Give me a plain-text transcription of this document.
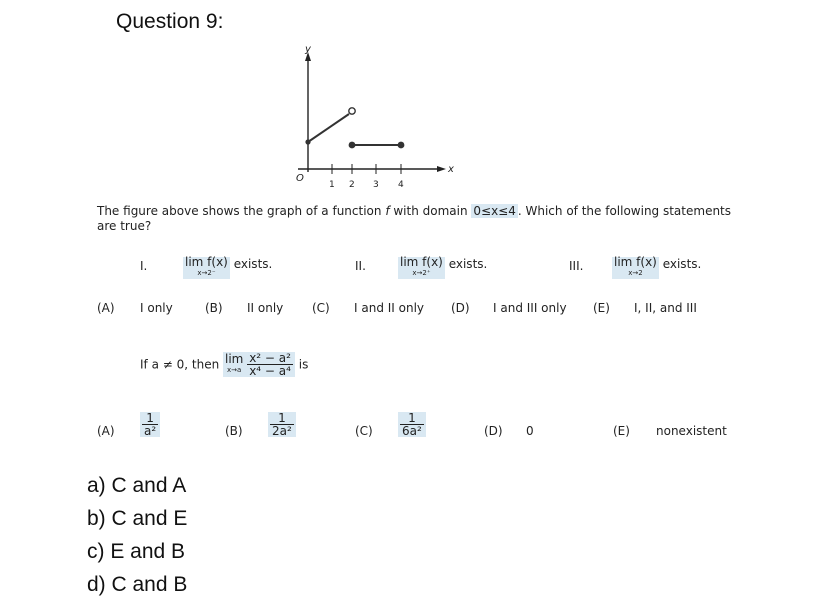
Question 9:
y
x
O
1 2 3 4
The figure above shows the graph of a function f with domain 0≤x≤4 . Which of the following statements
are true?
I.	lim f(x)
x→2⁻
exists.	II.	lim f(x)
x→2⁺
exists.	III.	lim f(x)
x→2
exists.
(A) I only	(B) II only (C) I and II only (D) I and III only (E) I, II, and III
If a ≠ 0, then lim
x→a
$\frac{\text{x² − a²}}{\text{x⁴ − a⁴}}$ is
$(A) \frac{1}{\text{a²}}$	$(B) \frac{1}{\text{2a²}}$	$(C) \frac{1}{\text{6a²}}$	(D) 0	(E) nonexistent
a) C and A
b) C and E
c) E and B
d) C and B
